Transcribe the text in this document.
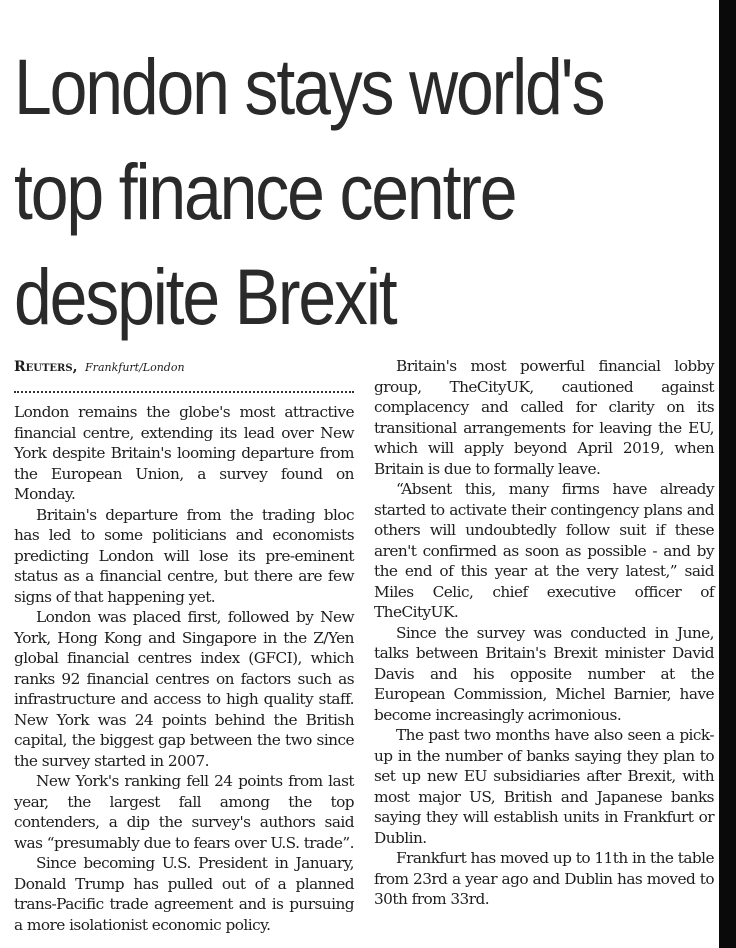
London stays world's
top finance centre
despite Brexit
Reuters, Frankfurt/London

London remains the globe's most attractive financial centre, extending its lead over New York despite Britain's looming departure from the European Union, a survey found on Monday.

Britain's departure from the trading bloc has led to some politicians and economists predicting London will lose its pre-eminent status as a financial centre, but there are few signs of that happening yet.

London was placed first, followed by New York, Hong Kong and Singapore in the Z/Yen global financial centres index (GFCI), which ranks 92 financial centres on factors such as infrastructure and access to high quality staff. New York was 24 points behind the British capital, the biggest gap between the two since the survey started in 2007.

New York's ranking fell 24 points from last year, the largest fall among the top contenders, a dip the survey's authors said was “presumably due to fears over U.S. trade”.

Since becoming U.S. President in January, Donald Trump has pulled out of a planned trans-Pacific trade agreement and is pursuing a more isolationist economic policy.

Britain's most powerful financial lobby group, TheCityUK, cautioned against complacency and called for clarity on its transitional arrangements for leaving the EU, which will apply beyond April 2019, when Britain is due to formally leave.

“Absent this, many firms have already started to activate their contingency plans and others will undoubtedly follow suit if these aren't confirmed as soon as possible - and by the end of this year at the very latest,” said Miles Celic, chief executive officer of TheCityUK.

Since the survey was conducted in June, talks between Britain's Brexit minister David Davis and his opposite number at the European Commission, Michel Barnier, have become increasingly acrimonious.

The past two months have also seen a pick-up in the number of banks saying they plan to set up new EU subsidiaries after Brexit, with most major US, British and Japanese banks saying they will establish units in Frankfurt or Dublin.

Frankfurt has moved up to 11th in the table from 23rd a year ago and Dublin has moved to 30th from 33rd.
